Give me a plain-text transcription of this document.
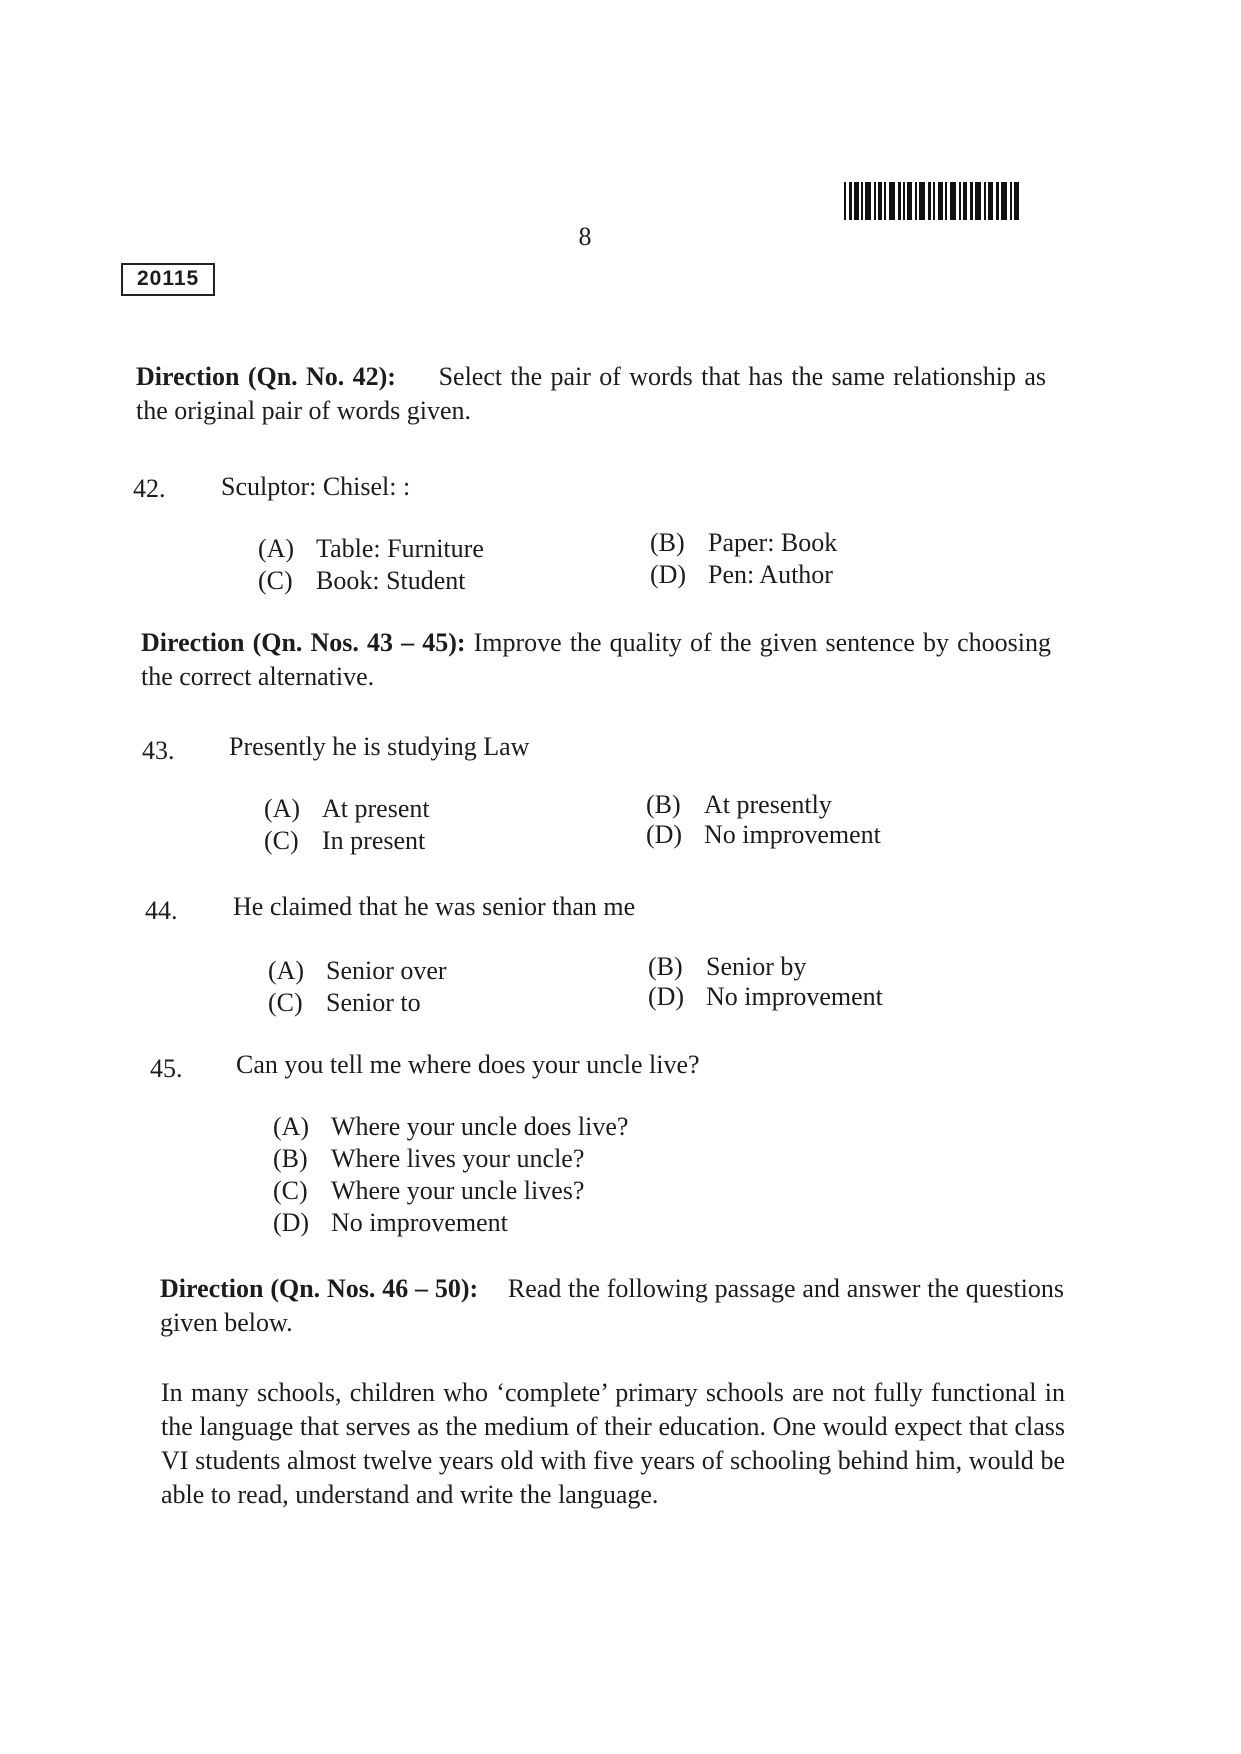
8
20115
Direction (Qn. No. 42): Select the pair of words that has the same relationship as the original pair of words given.
42. Sculptor: Chisel: :
(A) Table: Furniture	(B) Paper: Book
(C) Book: Student	(D) Pen: Author
Direction (Qn. Nos. 43 – 45): Improve the quality of the given sentence by choosing the correct alternative.
43. Presently he is studying Law
(A) At present	(B) At presently
(C) In present	(D) No improvement
44. He claimed that he was senior than me
(A) Senior over	(B) Senior by
(C) Senior to	(D) No improvement
45. Can you tell me where does your uncle live?
(A) Where your uncle does live?
(B) Where lives your uncle?
(C) Where your uncle lives?
(D) No improvement
Direction (Qn. Nos. 46 – 50): Read the following passage and answer the questions given below.
In many schools, children who ‘complete’ primary schools are not fully functional in the language that serves as the medium of their education. One would expect that class VI students almost twelve years old with five years of schooling behind him, would be able to read, understand and write the language.
